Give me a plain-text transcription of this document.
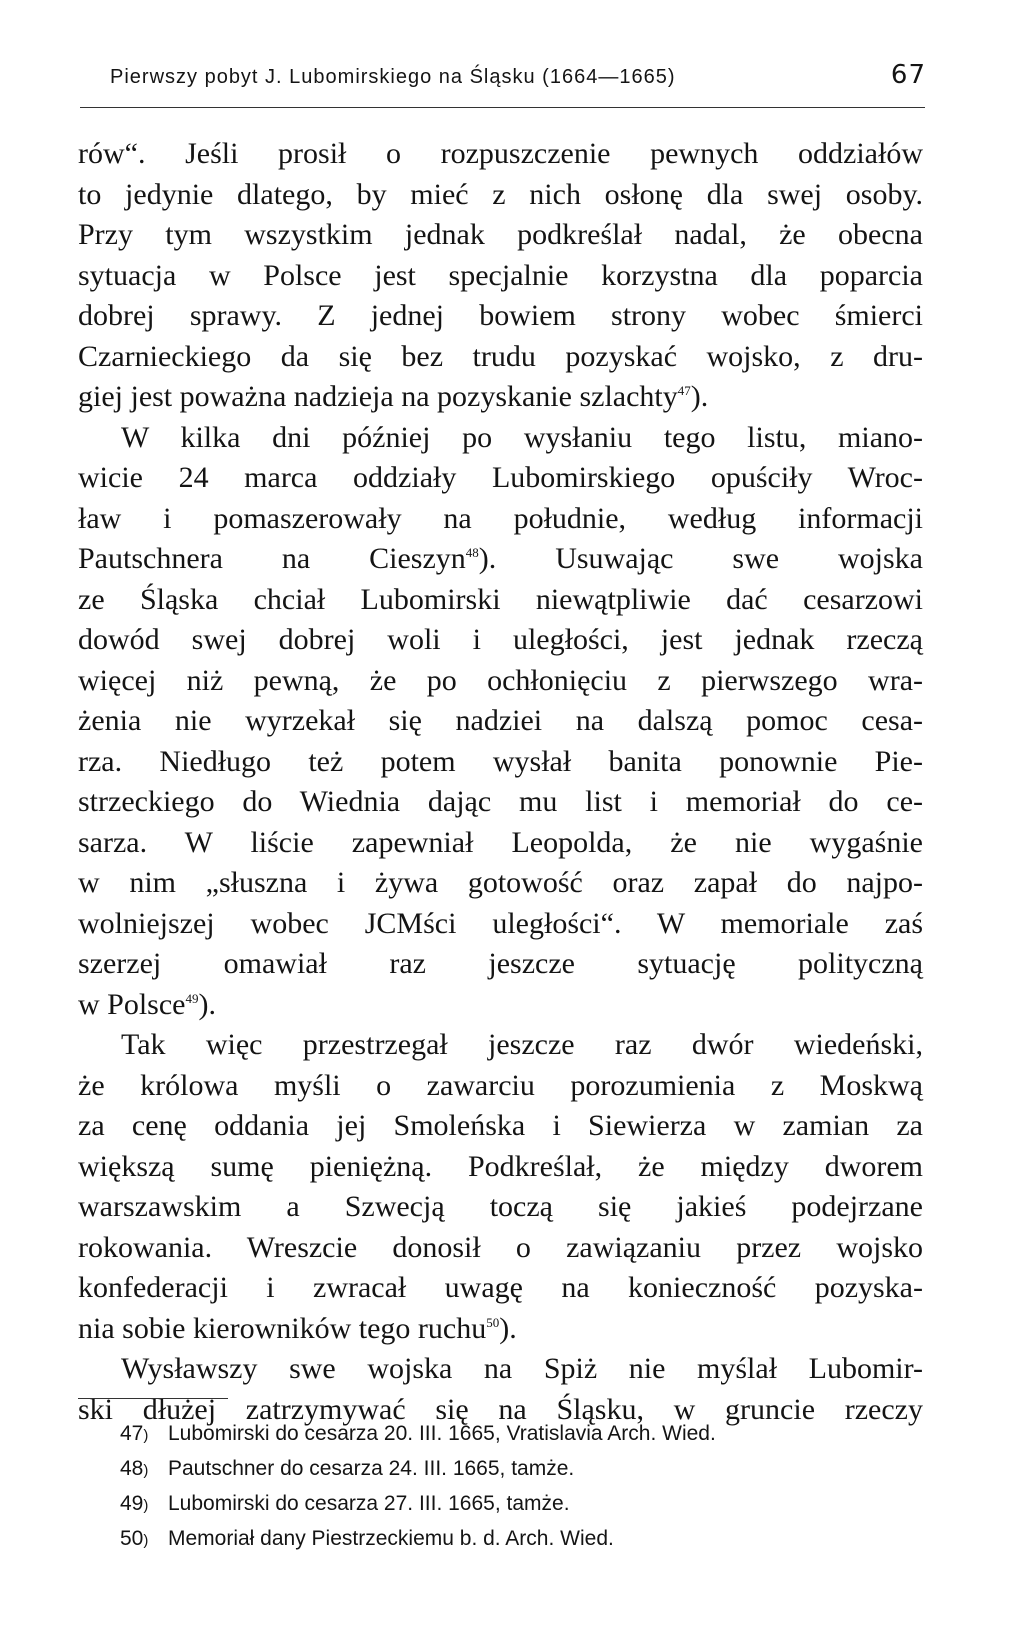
Pierwszy pobyt J. Lubomirskiego na Śląsku (1664—1665)	67
rów“. Jeśli prosił o rozpuszczenie pewnych oddziałów
to jedynie dlatego, by mieć z nich osłonę dla swej osoby.
Przy tym wszystkim jednak podkreślał nadal, że obecna
sytuacja w Polsce jest specjalnie korzystna dla poparcia
dobrej sprawy. Z jednej bowiem strony wobec śmierci
Czarnieckiego da się bez trudu pozyskać wojsko, z dru-
giej jest poważna nadzieja na pozyskanie szlachty$^{47}$).
W kilka dni później po wysłaniu tego listu, miano-
wicie 24 marca oddziały Lubomirskiego opuściły Wroc-
ław i pomaszerowały na południe, według informacji
Pautschnera na Cieszyn$^{48}$). Usuwając swe wojska
ze Śląska chciał Lubomirski niewątpliwie dać cesarzowi
dowód swej dobrej woli i uległości, jest jednak rzeczą
więcej niż pewną, że po ochłonięciu z pierwszego wra-
żenia nie wyrzekał się nadziei na dalszą pomoc cesa-
rza. Niedługo też potem wysłał banita ponownie Pie-
strzeckiego do Wiednia dając mu list i memoriał do ce-
sarza. W liście zapewniał Leopolda, że nie wygaśnie
w nim „słuszna i żywa gotowość oraz zapał do najpo-
wolniejszej wobec JCMści uległości“. W memoriale zaś
szerzej omawiał raz jeszcze sytuację polityczną
w Polsce$^{49}$).
Tak więc przestrzegał jeszcze raz dwór wiedeński,
że królowa myśli o zawarciu porozumienia z Moskwą
za cenę oddania jej Smoleńska i Siewierza w zamian za
większą sumę pieniężną. Podkreślał, że między dworem
warszawskim a Szwecją toczą się jakieś podejrzane
rokowania. Wreszcie donosił o zawiązaniu przez wojsko
konfederacji i zwracał uwagę na konieczność pozyska-
nia sobie kierowników tego ruchu$^{50}$).
Wysławszy swe wojska na Spiż nie myślał Lubomir-
ski dłużej zatrzymywać się na Śląsku, w gruncie rzeczy
47) Lubomirski do cesarza 20. III. 1665, Vratislavia Arch. Wied.
48) Pautschner do cesarza 24. III. 1665, tamże.
49) Lubomirski do cesarza 27. III. 1665, tamże.
50) Memoriał dany Piestrzeckiemu b. d. Arch. Wied.
